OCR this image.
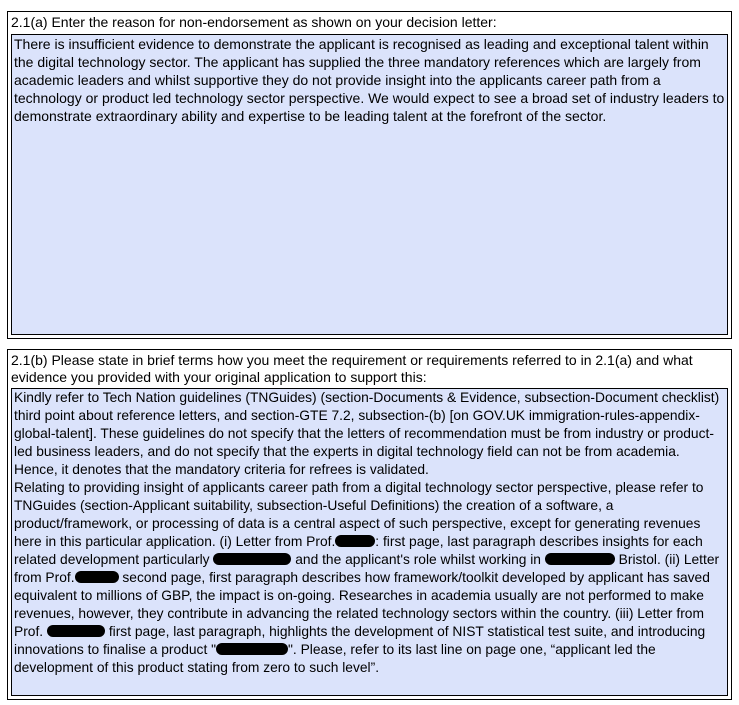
2.1(a) Enter the reason for non-endorsement as shown on your decision letter:

There is insufficient evidence to demonstrate the applicant is recognised as leading and exceptional talent within the digital technology sector. The applicant has supplied the three mandatory references which are largely from academic leaders and whilst supportive they do not provide insight into the applicants career path from a technology or product led technology sector perspective. We would expect to see a broad set of industry leaders to demonstrate extraordinary ability and expertise to be leading talent at the forefront of the sector.

2.1(b) Please state in brief terms how you meet the requirement or requirements referred to in 2.1(a) and what evidence you provided with your original application to support this:

Kindly refer to Tech Nation guidelines (TNGuides) (section-Documents & Evidence, subsection-Document checklist) third point about reference letters, and section-GTE 7.2, subsection-(b) [on GOV.UK immigration-rules-appendix-global-talent]. These guidelines do not specify that the letters of recommendation must be from industry or product-led business leaders, and do not specify that the experts in digital technology field can not be from academia. Hence, it denotes that the mandatory criteria for refrees is validated.

Relating to providing insight of applicants career path from a digital technology sector perspective, please refer to TNGuides (section-Applicant suitability, subsection-Useful Definitions) the creation of a software, a product/framework, or processing of data is a central aspect of such perspective, except for generating revenues here in this particular application. (i) Letter from Prof.	: first page, last paragraph describes insights for each related development particularly	and the applicant's role whilst working in	Bristol. (ii) Letter from Prof.	second page, first paragraph describes how framework/toolkit developed by applicant has saved equivalent to millions of GBP, the impact is on-going. Researches in academia usually are not performed to make revenues, however, they contribute in advancing the related technology sectors within the country. (iii) Letter from Prof.	first page, last paragraph, highlights the development of NIST statistical test suite, and introducing innovations to finalise a product "	". Please, refer to its last line on page one, “applicant led the development of this product stating from zero to such level”.
